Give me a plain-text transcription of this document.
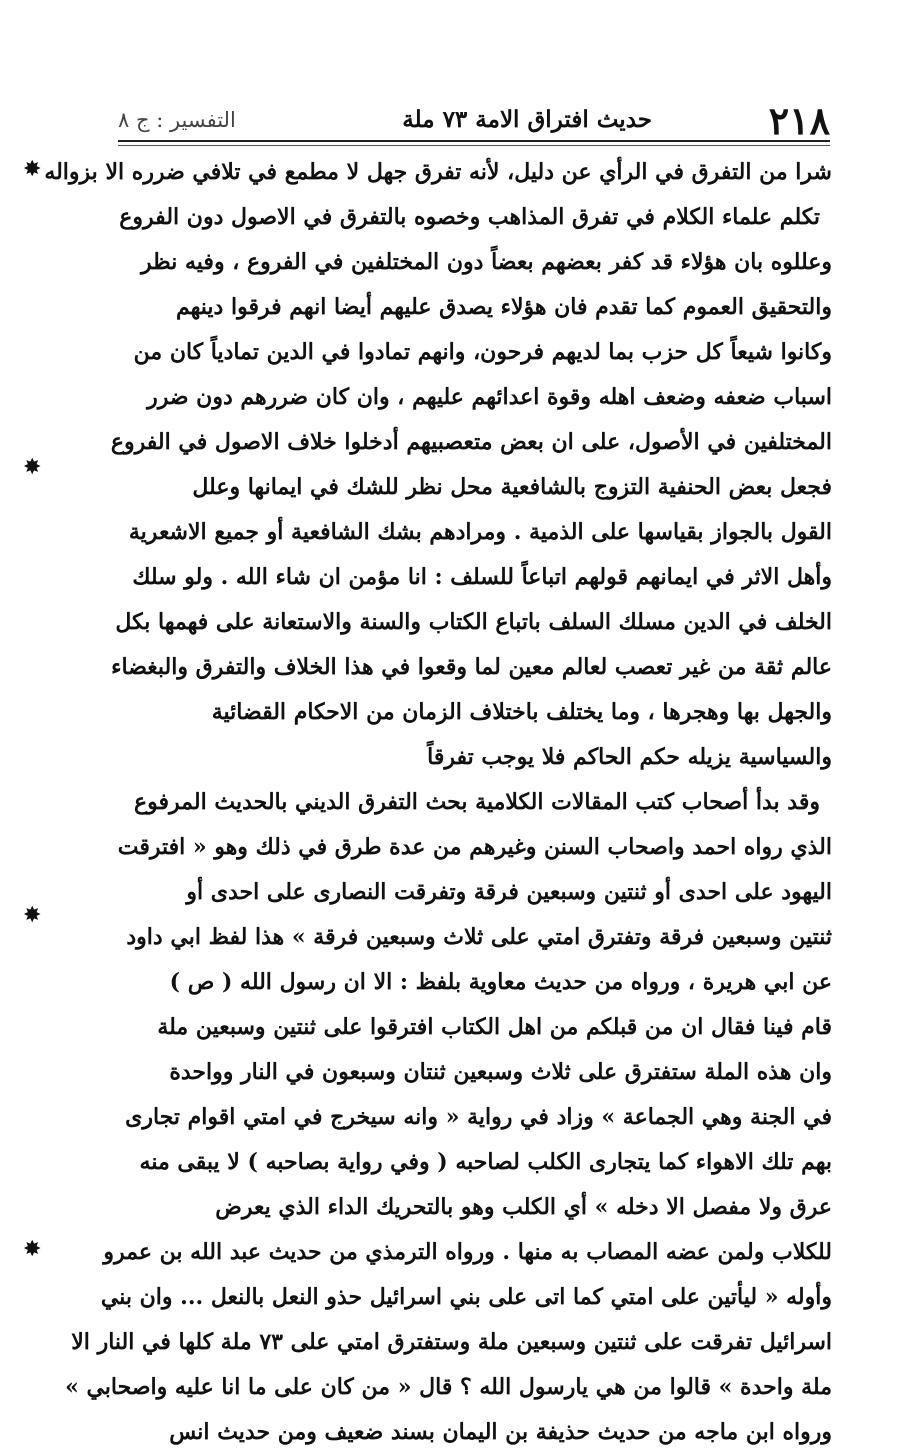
٢١٨
حديث افتراق الامة ٧٣ ملة
التفسير : ج ٨
شرا من التفرق في الرأي عن دليل، لأنه تفرق جهل لا مطمع في تلافي ضرره الا بزواله
تكلم علماء الكلام في تفرق المذاهب وخصوه بالتفرق في الاصول دون الفروع
وعللوه بان هؤلاء قد كفر بعضهم بعضاً دون المختلفين في الفروع ، وفيه نظر
والتحقيق العموم كما تقدم فان هؤلاء يصدق عليهم أيضا انهم فرقوا دينهم
وكانوا شيعاً كل حزب بما لديهم فرحون، وانهم تمادوا في الدين تمادياً كان من
اسباب ضعفه وضعف اهله وقوة اعدائهم عليهم ، وان كان ضررهم دون ضرر
المختلفين في الأصول، على ان بعض متعصبيهم أدخلوا خلاف الاصول في الفروع
فجعل بعض الحنفية التزوج بالشافعية محل نظر للشك في ايمانها وعلل
القول بالجواز بقياسها على الذمية . ومرادهم بشك الشافعية أو جميع الاشعرية
وأهل الاثر في ايمانهم قولهم اتباعاً للسلف : انا مؤمن ان شاء الله . ولو سلك
الخلف في الدين مسلك السلف باتباع الكتاب والسنة والاستعانة على فهمها بكل
عالم ثقة من غير تعصب لعالم معين لما وقعوا في هذا الخلاف والتفرق والبغضاء
والجهل بها وهجرها ، وما يختلف باختلاف الزمان من الاحكام القضائية
والسياسية يزيله حكم الحاكم فلا يوجب تفرقاً
وقد بدأ أصحاب كتب المقالات الكلامية بحث التفرق الديني بالحديث المرفوع
الذي رواه احمد واصحاب السنن وغيرهم من عدة طرق في ذلك وهو « افترقت
اليهود على احدى أو ثنتين وسبعين فرقة وتفرقت النصارى على احدى أو
ثنتين وسبعين فرقة وتفترق امتي على ثلاث وسبعين فرقة » هذا لفظ ابي داود
عن ابي هريرة ، ورواه من حديث معاوية بلفظ : الا ان رسول الله ( ص )
قام فينا فقال ان من قبلكم من اهل الكتاب افترقوا على ثنتين وسبعين ملة
وان هذه الملة ستفترق على ثلاث وسبعين ثنتان وسبعون في النار وواحدة
في الجنة وهي الجماعة » وزاد في رواية « وانه سيخرج في امتي اقوام تجارى
بهم تلك الاهواء كما يتجارى الكلب لصاحبه ( وفي رواية بصاحبه ) لا يبقى منه
عرق ولا مفصل الا دخله » أي الكلب وهو بالتحريك الداء الذي يعرض
للكلاب ولمن عضه المصاب به منها . ورواه الترمذي من حديث عبد الله بن عمرو
وأوله « ليأتين على امتي كما اتى على بني اسرائيل حذو النعل بالنعل ... وان بني
اسرائيل تفرقت على ثنتين وسبعين ملة وستفترق امتي على ٧٣ ملة كلها في النار الا
ملة واحدة » قالوا من هي يارسول الله ؟ قال « من كان على ما انا عليه واصحابي »
ورواه ابن ماجه من حديث حذيفة بن اليمان بسند ضعيف ومن حديث انس
✸
✸
✸
✸
